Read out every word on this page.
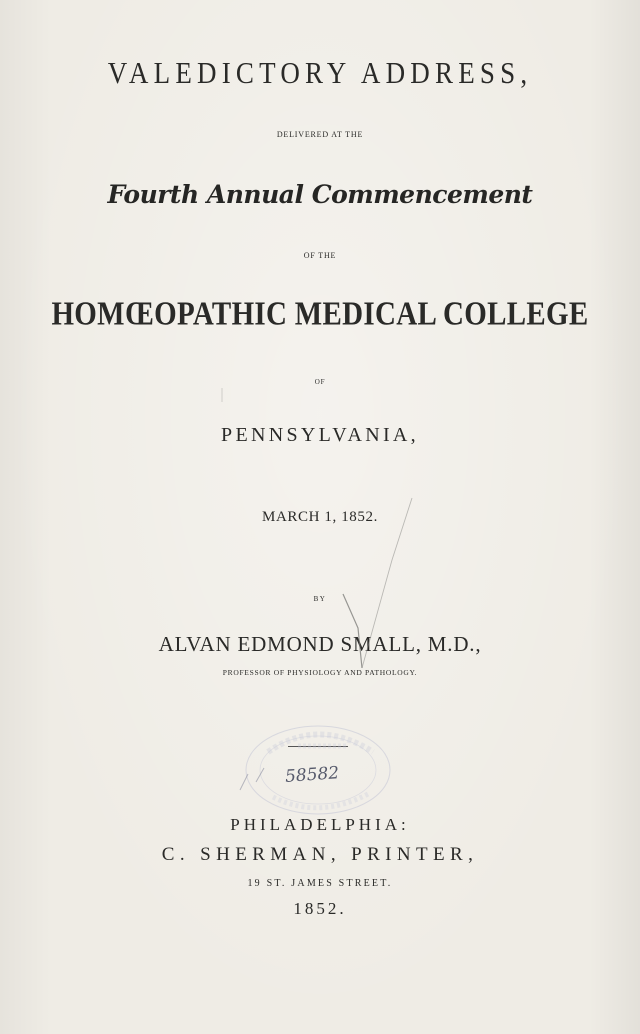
VALEDICTORY ADDRESS,

DELIVERED AT THE

Fourth Annual Commencement

OF THE

HOMŒOPATHIC MEDICAL COLLEGE

OF

PENNSYLVANIA,

MARCH 1, 1852.

BY

ALVAN EDMOND SMALL, M.D.,

PROFESSOR OF PHYSIOLOGY AND PATHOLOGY.

PHILADELPHIA:

C. SHERMAN, PRINTER,

19 ST. JAMES STREET.

1852.

58582
